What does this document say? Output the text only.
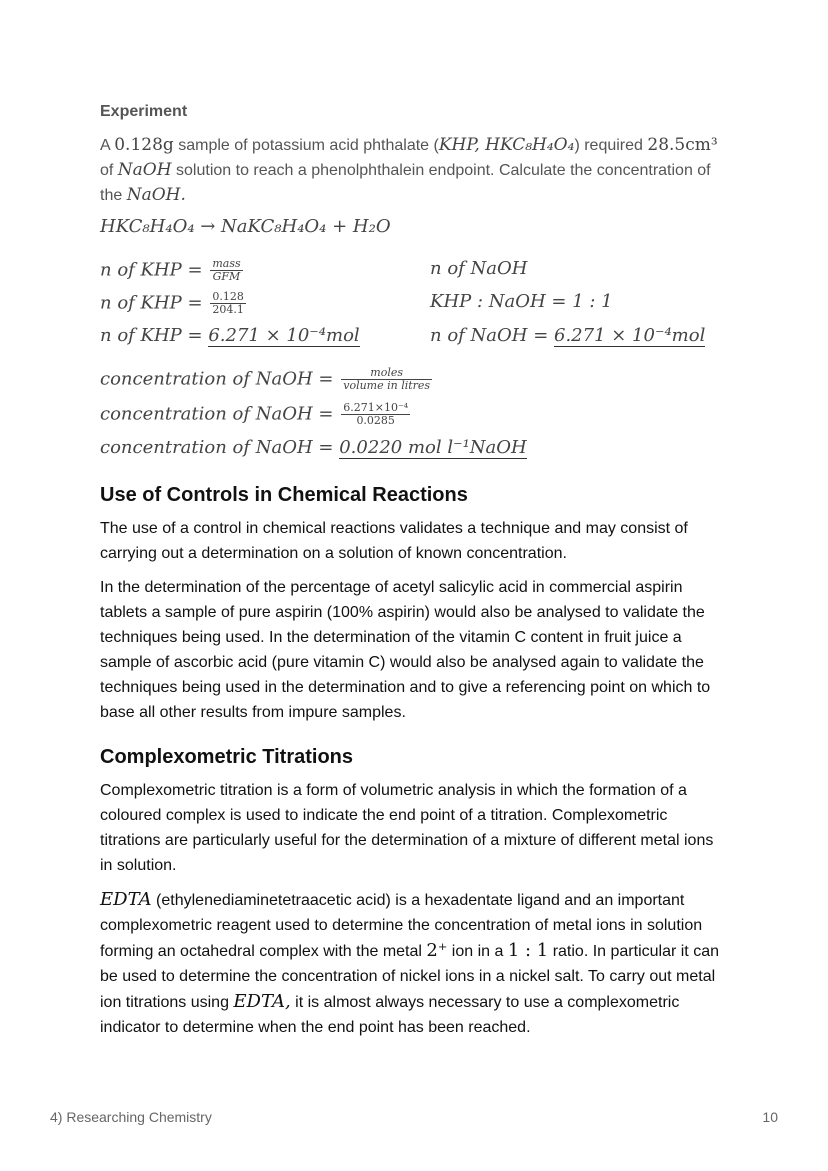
Experiment
A 0.128g sample of potassium acid phthalate (KHP, HKC₈H₄O₄) required 28.5cm³ of NaOH solution to reach a phenolphthalein endpoint. Calculate the concentration of the NaOH.
HKC₈H₄O₄ → NaKC₈H₄O₄ + H₂O
n of KHP = $\frac{\text{mass}}{\text{GFM}}$
n of KHP = $\frac{0.128}{204.1}$
n of KHP = 6.271 × 10⁻⁴mol
n of NaOH
KHP : NaOH = 1 : 1
n of NaOH = 6.271 × 10⁻⁴mol
concentration of NaOH = $\frac{\text{moles}}{\text{volume in litres}}$
concentration of NaOH = $\frac{\text{6.271×10⁻⁴}}{0.0285}$
concentration of NaOH = 0.0220 mol l⁻¹NaOH
Use of Controls in Chemical Reactions
The use of a control in chemical reactions validates a technique and may consist of carrying out a determination on a solution of known concentration.
In the determination of the percentage of acetyl salicylic acid in commercial aspirin tablets a sample of pure aspirin (100% aspirin) would also be analysed to validate the techniques being used. In the determination of the vitamin C content in fruit juice a sample of ascorbic acid (pure vitamin C) would also be analysed again to validate the techniques being used in the determination and to give a referencing point on which to base all other results from impure samples.
Complexometric Titrations
Complexometric titration is a form of volumetric analysis in which the formation of a coloured complex is used to indicate the end point of a titration. Complexometric titrations are particularly useful for the determination of a mixture of different metal ions in solution.
EDTA (ethylenediaminetetraacetic acid) is a hexadentate ligand and an important complexometric reagent used to determine the concentration of metal ions in solution forming an octahedral complex with the metal 2⁺ ion in a 1 : 1 ratio. In particular it can be used to determine the concentration of nickel ions in a nickel salt. To carry out metal ion titrations using EDTA, it is almost always necessary to use a complexometric indicator to determine when the end point has been reached.
4) Researching Chemistry	10
